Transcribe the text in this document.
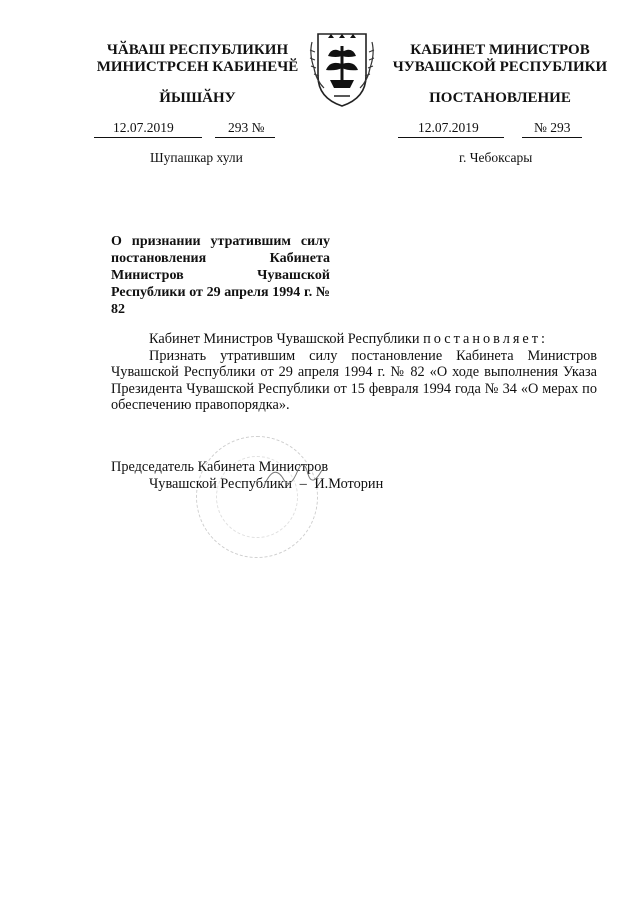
ЧӐВАШ РЕСПУБЛИКИН
МИНИСТРСЕН КАБИНЕЧӖ
ЙЫШӐНУ
КАБИНЕТ МИНИСТРОВ
ЧУВАШСКОЙ РЕСПУБЛИКИ
ПОСТАНОВЛЕНИЕ
12.07.2019	293 №	12.07.2019	№ 293
Шупашкар хули	г. Чебоксары
О признании утратившим силу постановления Кабинета Министров Чувашской Республики от 29 апреля 1994 г. № 82

Кабинет Министров Чувашской Республики постановляет:

Признать утратившим силу постановление Кабинета Министров Чувашской Республики от 29 апреля 1994 г. № 82 «О ходе выполнения Указа Президента Чувашской Республики от 15 февраля 1994 года № 34 «О мерах по обеспечению правопорядка».

Председатель Кабинета Министров
Чувашской Республики – И.Моторин
